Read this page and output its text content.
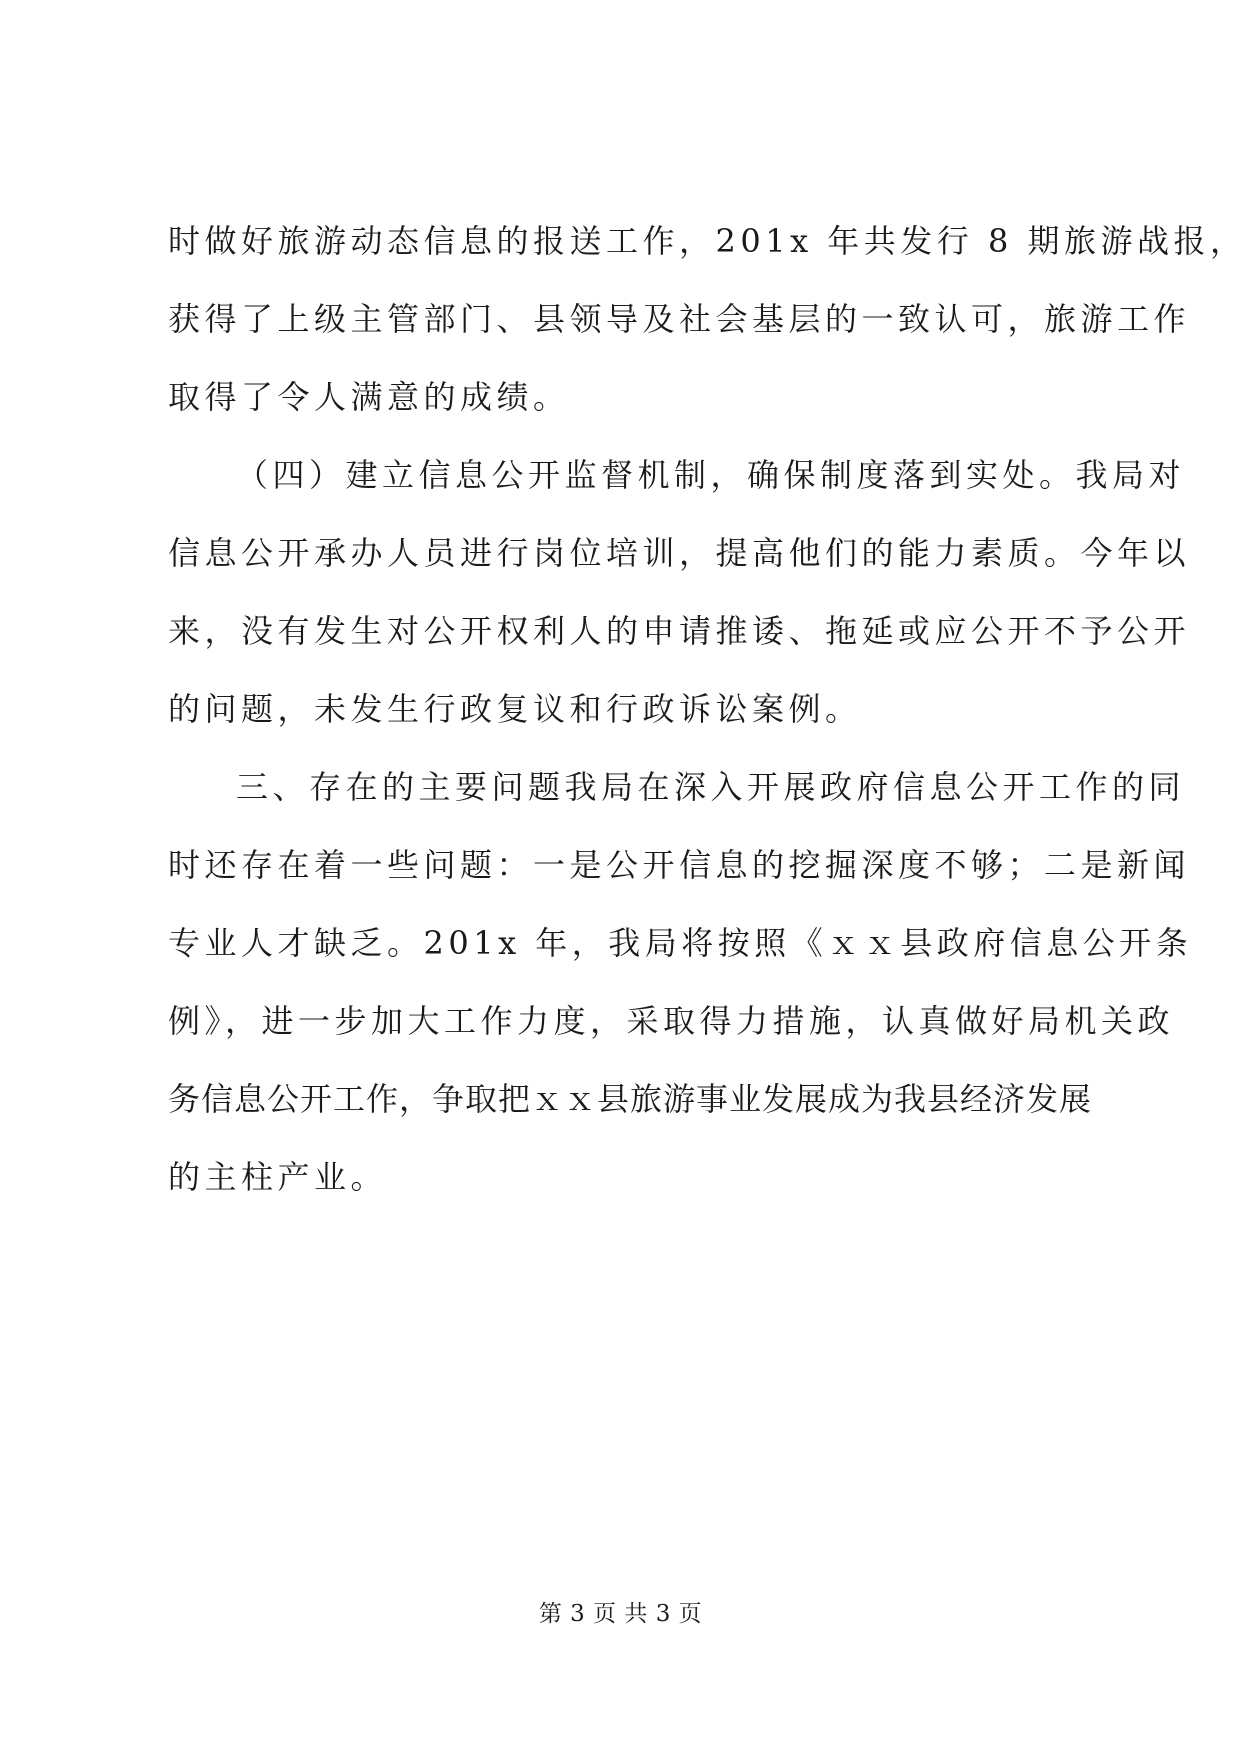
时做好旅游动态信息的报送工作，201x 年共发行 8 期旅游战报，
获得了上级主管部门、县领导及社会基层的一致认可，旅游工作
取得了令人满意的成绩。
（四）建立信息公开监督机制，确保制度落到实处。我局对
信息公开承办人员进行岗位培训，提高他们的能力素质。今年以
来，没有发生对公开权利人的申请推诿、拖延或应公开不予公开
的问题，未发生行政复议和行政诉讼案例。
三、存在的主要问题我局在深入开展政府信息公开工作的同
时还存在着一些问题：一是公开信息的挖掘深度不够；二是新闻
专业人才缺乏。201x 年，我局将按照《ｘｘ县政府信息公开条
例》，进一步加大工作力度，采取得力措施，认真做好局机关政
务信息公开工作，争取把ｘｘ县旅游事业发展成为我县经济发展
的主柱产业。
第 3 页 共 3 页
